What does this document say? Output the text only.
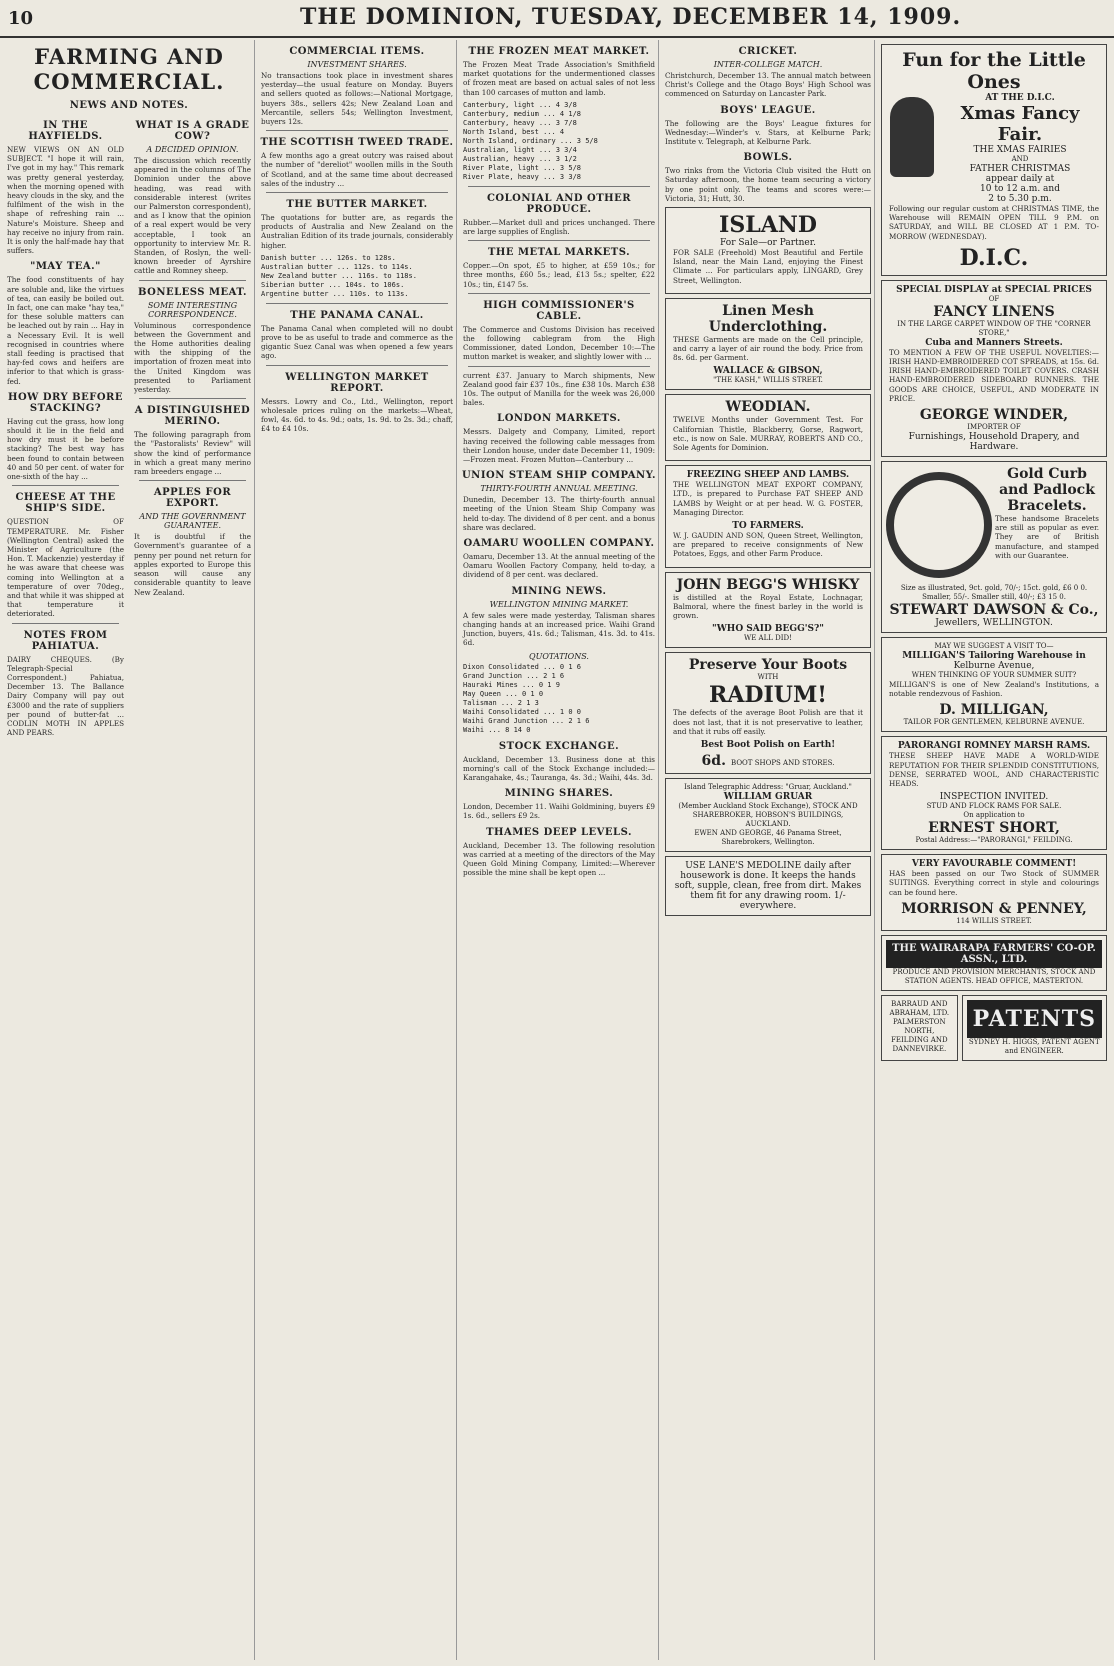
10	THE DOMINION, TUESDAY, DECEMBER 14, 1909.
FARMING AND COMMERCIAL.
NEWS AND NOTES.
IN THE HAYFIELDS.

NEW VIEWS ON AN OLD SUBJECT. "I hope it will rain, I've got in my hay." This remark was pretty general yesterday, when the morning opened with heavy clouds in the sky, and the fulfilment of the wish in the shape of refreshing rain ... Nature's Moisture. Sheep and hay receive no injury from rain. It is only the half-made hay that suffers.

"MAY TEA."

The food constituents of hay are soluble and, like the virtues of tea, can easily be boiled out. In fact, one can make "hay tea," for these soluble matters can be leached out by rain ... Hay in a Necessary Evil. It is well recognised in countries where stall feeding is practised that hay-fed cows and heifers are inferior to that which is grass-fed.

HOW DRY BEFORE STACKING?

Having cut the grass, how long should it lie in the field and how dry must it be before stacking? The best way has been found to contain between 40 and 50 per cent. of water for one-sixth of the hay ...

CHEESE AT THE SHIP'S SIDE.

QUESTION OF TEMPERATURE. Mr. Fisher (Wellington Central) asked the Minister of Agriculture (the Hon. T. Mackenzie) yesterday if he was aware that cheese was coming into Wellington at a temperature of over 70deg., and that while it was shipped at that temperature it deteriorated.

NOTES FROM PAHIATUA.

DAIRY CHEQUES. (By Telegraph-Special Correspondent.) Pahiatua, December 13. The Ballance Dairy Company will pay out £3000 and the rate of suppliers per pound of butter-fat ... CODLIN MOTH IN APPLES AND PEARS.

WHAT IS A GRADE COW?
A DECIDED OPINION.

The discussion which recently appeared in the columns of The Dominion under the above heading, was read with considerable interest (writes our Palmerston correspondent), and as I know that the opinion of a real expert would be very acceptable, I took an opportunity to interview Mr. R. Standen, of Roslyn, the well-known breeder of Ayrshire cattle and Romney sheep.

BONELESS MEAT.
SOME INTERESTING CORRESPONDENCE.

Voluminous correspondence between the Government and the Home authorities dealing with the shipping of the importation of frozen meat into the United Kingdom was presented to Parliament yesterday.

A DISTINGUISHED MERINO.

The following paragraph from the "Pastoralists' Review" will show the kind of performance in which a great many merino ram breeders engage ...

APPLES FOR EXPORT.
AND THE GOVERNMENT GUARANTEE.

It is doubtful if the Government's guarantee of a penny per pound net return for apples exported to Europe this season will cause any considerable quantity to leave New Zealand.

COMMERCIAL ITEMS.
INVESTMENT SHARES.

No transactions took place in investment shares yesterday—the usual feature on Monday. Buyers and sellers quoted as follows:—National Mortgage, buyers 38s., sellers 42s; New Zealand Loan and Mercantile, sellers 54s; Wellington Investment, buyers 12s.

THE SCOTTISH TWEED TRADE.

A few months ago a great outcry was raised about the number of "dereliot" woollen mills in the South of Scotland, and at the same time about decreased sales of the industry ...

THE BUTTER MARKET.

The quotations for butter are, as regards the products of Australia and New Zealand on the Australian Edition of its trade journals, considerably higher.

Danish butter ... 126s. to 128s.
Australian butter ... 112s. to 114s.
New Zealand butter ... 116s. to 118s.
Siberian butter ... 104s. to 106s.
Argentine butter ... 110s. to 113s.
THE PANAMA CANAL.

The Panama Canal when completed will no doubt prove to be as useful to trade and commerce as the gigantic Suez Canal was when opened a few years ago.

WELLINGTON MARKET REPORT.

Messrs. Lowry and Co., Ltd., Wellington, report wholesale prices ruling on the markets:—Wheat, fowl, 4s. 6d. to 4s. 9d.; oats, 1s. 9d. to 2s. 3d.; chaff, £4 to £4 10s.

THE FROZEN MEAT MARKET.

The Frozen Meat Trade Association's Smithfield market quotations for the undermentioned classes of frozen meat are based on actual sales of not less than 100 carcases of mutton and lamb.

Canterbury, light ... 4 3/8
Canterbury, medium ... 4 1/8
Canterbury, heavy ... 3 7/8
North Island, best ... 4
North Island, ordinary ... 3 5/8
Australian, light ... 3 3/4
Australian, heavy ... 3 1/2
River Plate, light ... 3 5/8
River Plate, heavy ... 3 3/8
COLONIAL AND OTHER PRODUCE.

Rubber.—Market dull and prices unchanged. There are large supplies of English.

THE METAL MARKETS.

Copper.—On spot, £5 to higher, at £59 10s.; for three months, £60 5s.; lead, £13 5s.; spelter, £22 10s.; tin, £147 5s.

HIGH COMMISSIONER'S CABLE.

The Commerce and Customs Division has received the following cablegram from the High Commissioner, dated London, December 10:—The mutton market is weaker, and slightly lower with ...

current £37. January to March shipments, New Zealand good fair £37 10s., fine £38 10s. March £38 10s. The output of Manilla for the week was 26,000 bales.

LONDON MARKETS.

Messrs. Dalgety and Company, Limited, report having received the following cable messages from their London house, under date December 11, 1909:—Frozen meat. Frozen Mutton—Canterbury ...

UNION STEAM SHIP COMPANY.
THIRTY-FOURTH ANNUAL MEETING.

Dunedin, December 13. The thirty-fourth annual meeting of the Union Steam Ship Company was held to-day. The dividend of 8 per cent. and a bonus share was declared.

OAMARU WOOLLEN COMPANY.

Oamaru, December 13. At the annual meeting of the Oamaru Woollen Factory Company, held to-day, a dividend of 8 per cent. was declared.

MINING NEWS.
WELLINGTON MINING MARKET.

A few sales were made yesterday, Talisman shares changing hands at an increased price. Waihi Grand Junction, buyers, 41s. 6d.; Talisman, 41s. 3d. to 41s. 6d.

QUOTATIONS.
Dixon Consolidated ... 0 1 6
Grand Junction ... 2 1 6
Hauraki Mines ... 0 1 9
May Queen ... 0 1 0
Talisman ... 2 1 3
Waihi Consolidated ... 1 0 0
Waihi Grand Junction ... 2 1 6
Waihi ... 8 14 0
STOCK EXCHANGE.

Auckland, December 13. Business done at this morning's call of the Stock Exchange included:—Karangahake, 4s.; Tauranga, 4s. 3d.; Waihi, 44s. 3d.

MINING SHARES.

London, December 11. Waihi Goldmining, buyers £9 1s. 6d., sellers £9 2s.

THAMES DEEP LEVELS.

Auckland, December 13. The following resolution was carried at a meeting of the directors of the May Queen Gold Mining Company, Limited:—Wherever possible the mine shall be kept open ...

CRICKET.
INTER-COLLEGE MATCH.

Christchurch, December 13. The annual match between Christ's College and the Otago Boys' High School was commenced on Saturday on Lancaster Park.

BOYS' LEAGUE.

The following are the Boys' League fixtures for Wednesday:—Winder's v. Stars, at Kelburne Park; Institute v. Telegraph, at Kelburne Park.

BOWLS.

Two rinks from the Victoria Club visited the Hutt on Saturday afternoon, the home team securing a victory by one point only. The teams and scores were:—Victoria, 31; Hutt, 30.

ISLAND
For Sale—or Partner.

FOR SALE (Freehold) Most Beautiful and Fertile Island, near the Main Land, enjoying the Finest Climate ... For particulars apply, LINGARD, Grey Street, Wellington.

Linen Mesh Underclothing.

THESE Garments are made on the Cell principle, and carry a layer of air round the body. Price from 8s. 6d. per Garment.

WALLACE & GIBSON,
"THE KASH," WILLIS STREET.
WEODIAN.

TWELVE Months under Government Test. For Californian Thistle, Blackberry, Gorse, Ragwort, etc., is now on Sale. MURRAY, ROBERTS AND CO., Sole Agents for Dominion.

FREEZING SHEEP AND LAMBS.

THE WELLINGTON MEAT EXPORT COMPANY, LTD., is prepared to Purchase FAT SHEEP AND LAMBS by Weight or at per head. W. G. FOSTER, Managing Director.

TO FARMERS.

W. J. GAUDIN AND SON, Queen Street, Wellington, are prepared to receive consignments of New Potatoes, Eggs, and other Farm Produce.

JOHN BEGG'S WHISKY

is distilled at the Royal Estate, Lochnagar, Balmoral, where the finest barley in the world is grown.

"WHO SAID BEGG'S?"
WE ALL DID!
Preserve Your Boots
WITH
RADIUM!

The defects of the average Boot Polish are that it does not last, that it is not preservative to leather, and that it rubs off easily.

Best Boot Polish on Earth!
6d. BOOT SHOPS AND STORES.
Island Telegraphic Address: "Gruar, Auckland."
WILLIAM GRUAR
(Member Auckland Stock Exchange), STOCK AND SHAREBROKER, HOBSON'S BUILDINGS, AUCKLAND.
EWEN AND GEORGE, 46 Panama Street, Sharebrokers, Wellington.
USE LANE'S MEDOLINE daily after housework is done. It keeps the hands soft, supple, clean, free from dirt. Makes them fit for any drawing room. 1/- everywhere.
Fun for the Little Ones
AT THE D.I.C.
Xmas Fancy Fair.
THE XMAS FAIRIES
AND
FATHER CHRISTMAS
appear daily at
10 to 12 a.m. and
2 to 5.30 p.m.

Following our regular custom at CHRISTMAS TIME, the Warehouse will REMAIN OPEN TILL 9 P.M. on SATURDAY, and WILL BE CLOSED AT 1 P.M. TO-MORROW (WEDNESDAY).

D.I.C.
SPECIAL DISPLAY at SPECIAL PRICES
OF
FANCY LINENS
IN THE LARGE CARPET WINDOW OF THE "CORNER STORE,"
Cuba and Manners Streets.

TO MENTION A FEW OF THE USEFUL NOVELTIES:— IRISH HAND-EMBROIDERED COT SPREADS, at 15s. 6d. IRISH HAND-EMBROIDERED TOILET COVERS. CRASH HAND-EMBROIDERED SIDEBOARD RUNNERS. THE GOODS ARE CHOICE, USEFUL, AND MODERATE IN PRICE.

GEORGE WINDER,
IMPORTER OF
Furnishings, Household Drapery, and Hardware.
Gold Curb and Padlock Bracelets.

These handsome Bracelets are still as popular as ever. They are of British manufacture, and stamped with our Guarantee.

Size as illustrated, 9ct. gold, 70/-; 15ct. gold, £6 0 0. Smaller, 55/-. Smaller still, 40/-; £3 15 0.
STEWART DAWSON & Co.,
Jewellers, WELLINGTON.
MAY WE SUGGEST A VISIT TO—
MILLIGAN'S Tailoring Warehouse in
Kelburne Avenue,
WHEN THINKING OF YOUR SUMMER SUIT?

MILLIGAN'S is one of New Zealand's Institutions, a notable rendezvous of Fashion.

D. MILLIGAN,
TAILOR FOR GENTLEMEN, KELBURNE AVENUE.
PARORANGI ROMNEY MARSH RAMS.

THESE SHEEP HAVE MADE A WORLD-WIDE REPUTATION FOR THEIR SPLENDID CONSTITUTIONS, DENSE, SERRATED WOOL, AND CHARACTERISTIC HEADS.

INSPECTION INVITED.
STUD AND FLOCK RAMS FOR SALE.
On application to
ERNEST SHORT,
Postal Address:—"PARORANGI," FEILDING.
VERY FAVOURABLE COMMENT!

HAS been passed on our Two Stock of SUMMER SUITINGS. Everything correct in style and colourings can be found here.

MORRISON & PENNEY,
114 WILLIS STREET.
THE WAIRARAPA FARMERS' CO-OP. ASSN., LTD.
PRODUCE AND PROVISION MERCHANTS, STOCK AND STATION AGENTS. HEAD OFFICE, MASTERTON.
BARRAUD AND ABRAHAM, LTD. PALMERSTON NORTH, FEILDING AND DANNEVIRKE.
PATENTS
SYDNEY H. HIGGS, PATENT AGENT and ENGINEER.
